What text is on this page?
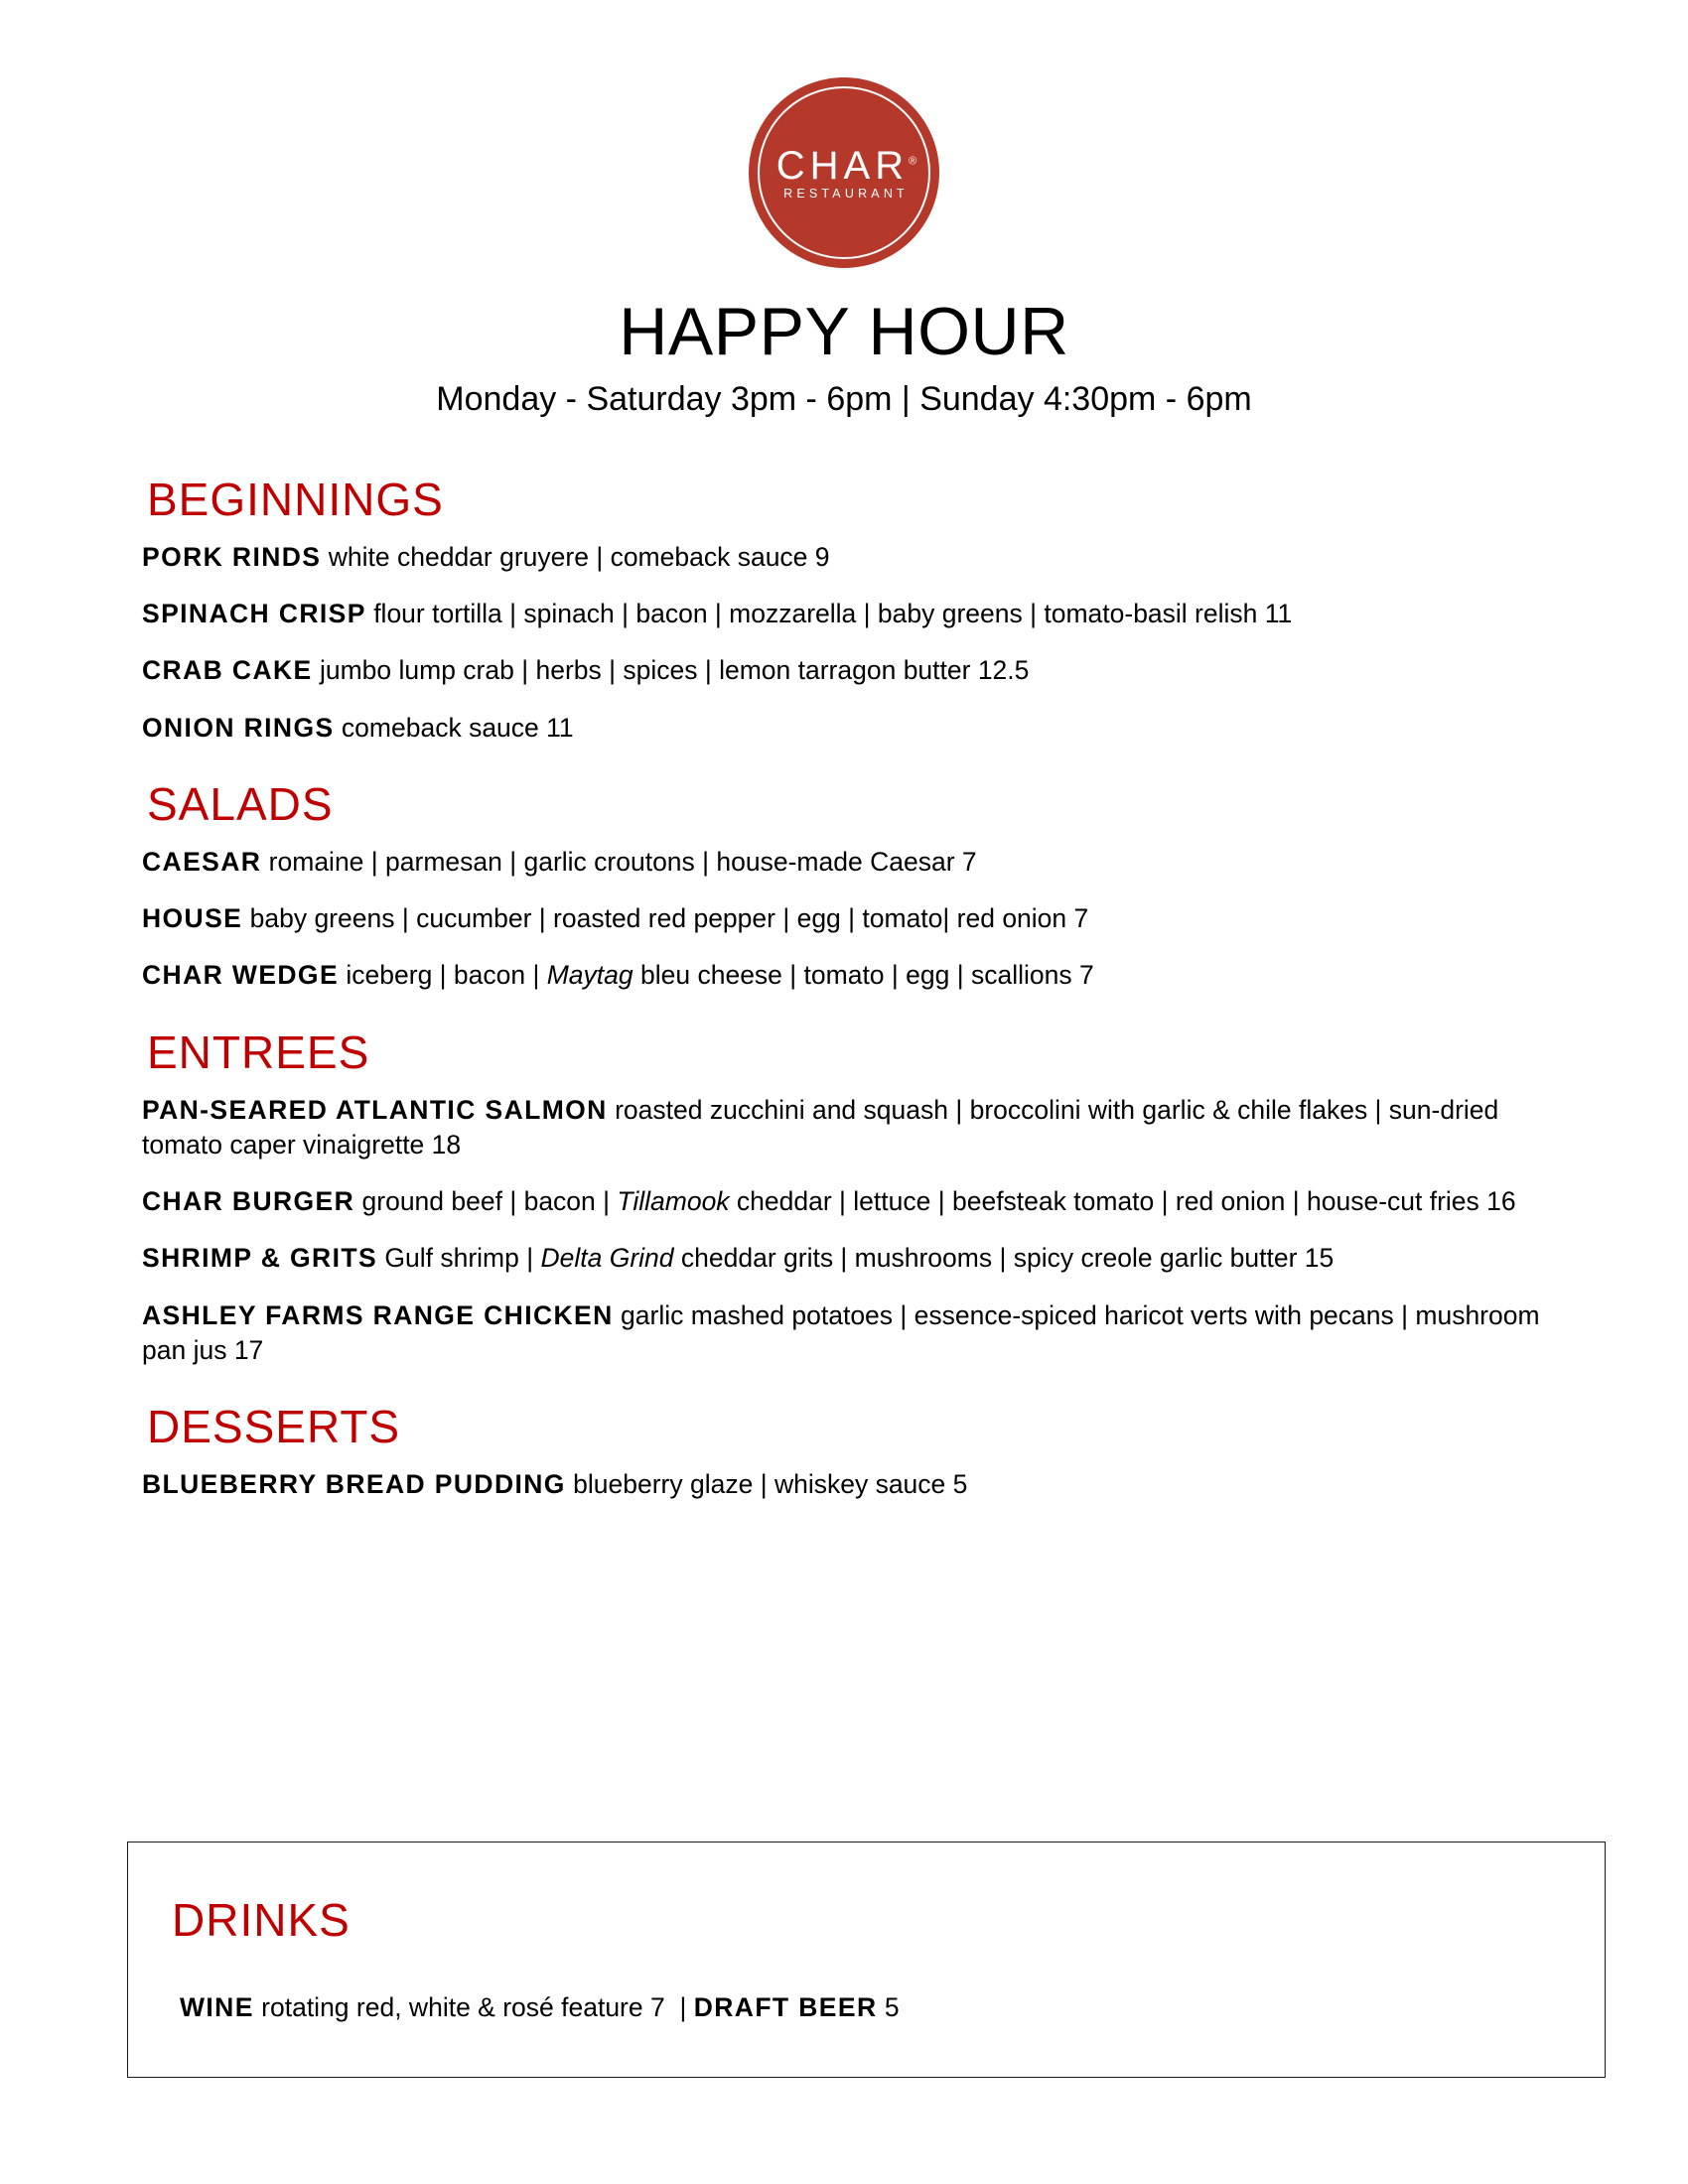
CHAR®
RESTAURANT
HAPPY HOUR
Monday - Saturday 3pm - 6pm | Sunday 4:30pm - 6pm
BEGINNINGS

PORK RINDS white cheddar gruyere | comeback sauce 9

SPINACH CRISP flour tortilla | spinach | bacon | mozzarella | baby greens | tomato-basil relish 11

CRAB CAKE jumbo lump crab | herbs | spices | lemon tarragon butter 12.5

ONION RINGS comeback sauce 11

SALADS

CAESAR romaine | parmesan | garlic croutons | house-made Caesar 7

HOUSE baby greens | cucumber | roasted red pepper | egg | tomato| red onion 7

CHAR WEDGE iceberg | bacon | Maytag bleu cheese | tomato | egg | scallions 7

ENTREES

PAN-SEARED ATLANTIC SALMON roasted zucchini and squash | broccolini with garlic & chile flakes | sun-dried tomato caper vinaigrette 18

CHAR BURGER ground beef | bacon | Tillamook cheddar | lettuce | beefsteak tomato | red onion | house-cut fries 16

SHRIMP & GRITS Gulf shrimp | Delta Grind cheddar grits | mushrooms | spicy creole garlic butter 15

ASHLEY FARMS RANGE CHICKEN garlic mashed potatoes | essence-spiced haricot verts with pecans | mushroom pan jus 17

DESSERTS

BLUEBERRY BREAD PUDDING blueberry glaze | whiskey sauce 5

DRINKS

WINE rotating red, white & rosé feature 7  | DRAFT BEER 5
